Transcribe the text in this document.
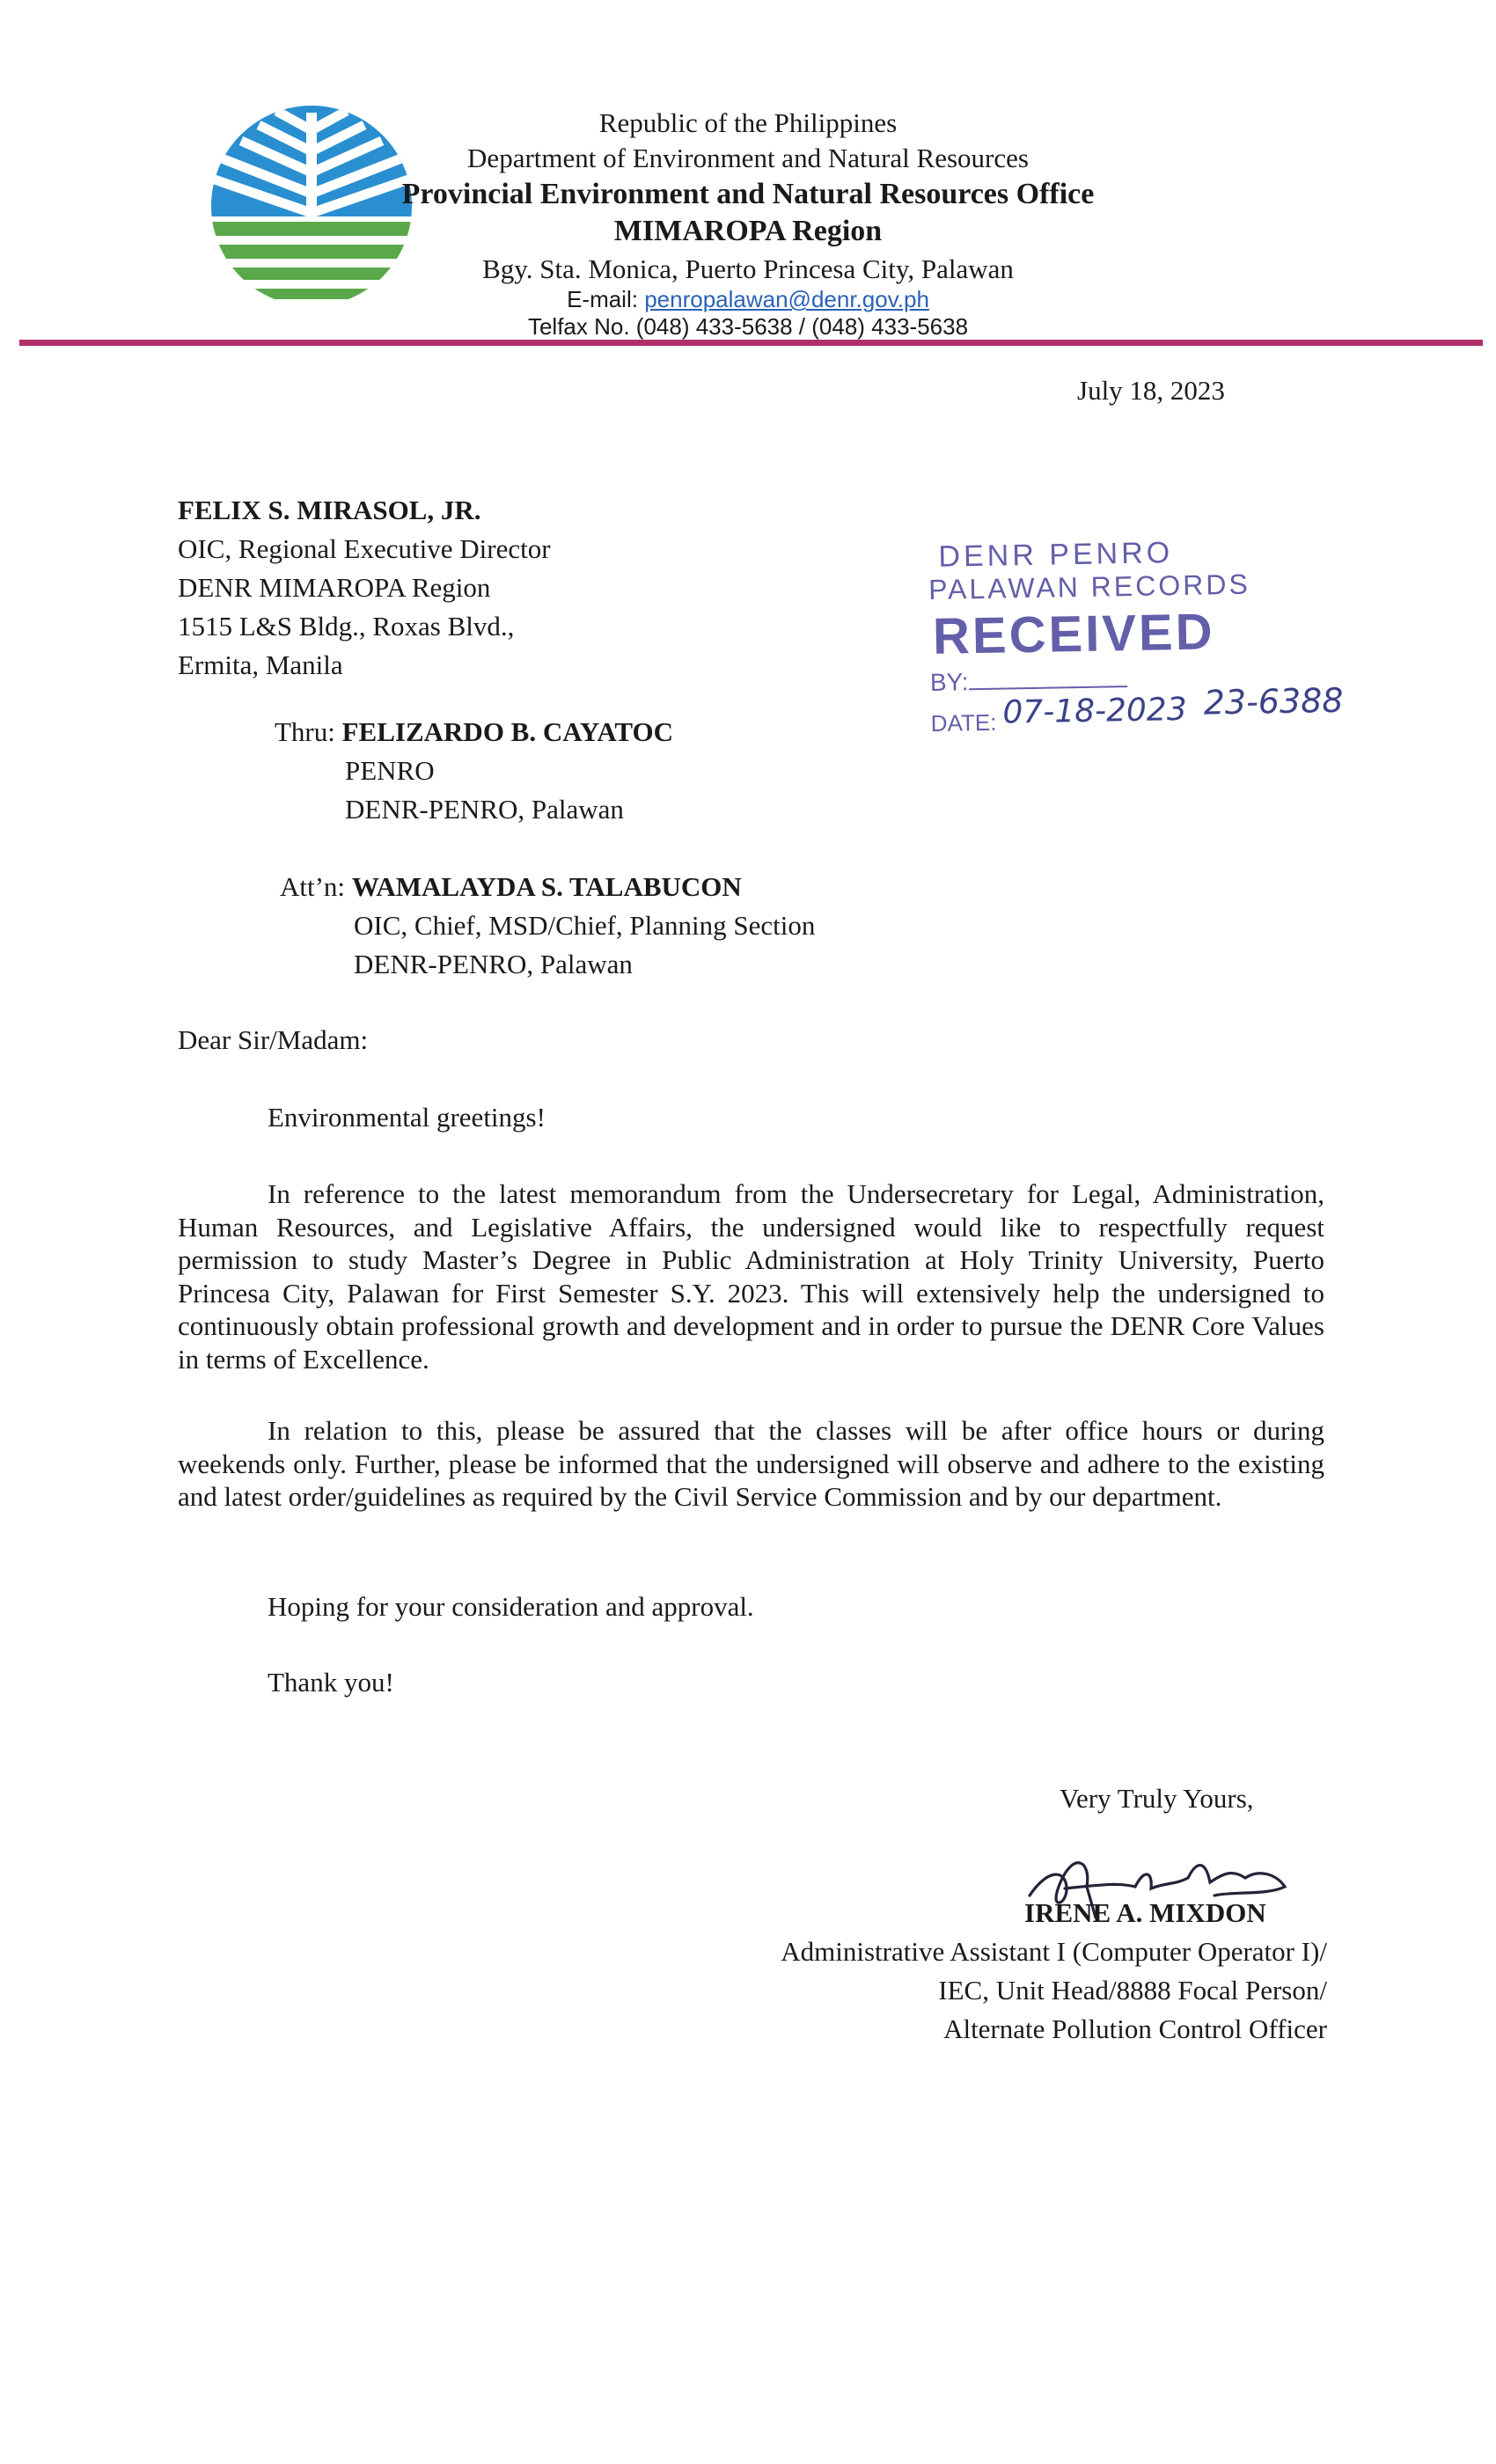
Republic of the Philippines
Department of Environment and Natural Resources
Provincial Environment and Natural Resources Office
MIMAROPA Region
Bgy. Sta. Monica, Puerto Princesa City, Palawan
E-mail: penropalawan@denr.gov.ph
Telfax No. (048) 433-5638 / (048) 433-5638
July 18, 2023
FELIX S. MIRASOL, JR.
OIC, Regional Executive Director
DENR MIMAROPA Region
1515 L&S Bldg., Roxas Blvd.,
Ermita, Manila
Thru: FELIZARDO B. CAYATOC
PENRO
DENR-PENRO, Palawan
Att’n: WAMALAYDA S. TALABUCON
OIC, Chief, MSD/Chief, Planning Section
DENR-PENRO, Palawan
DENR PENRO
PALAWAN RECORDS
RECEIVED
BY:
DATE: 07-18-2023 23-6388
Dear Sir/Madam:
Environmental greetings!
In reference to the latest memorandum from the Undersecretary for Legal, Administration, Human Resources, and Legislative Affairs, the undersigned would like to respectfully request permission to study Master’s Degree in Public Administration at Holy Trinity University, Puerto Princesa City, Palawan for First Semester S.Y. 2023. This will extensively help the undersigned to continuously obtain professional growth and development and in order to pursue the DENR Core Values in terms of Excellence.
In relation to this, please be assured that the classes will be after office hours or during weekends only. Further, please be informed that the undersigned will observe and adhere to the existing and latest order/guidelines as required by the Civil Service Commission and by our department.
Hoping for your consideration and approval.
Thank you!
Very Truly Yours,
IRENE A. MIXDON
Administrative Assistant I (Computer Operator I)/
IEC, Unit Head/8888 Focal Person/
Alternate Pollution Control Officer
